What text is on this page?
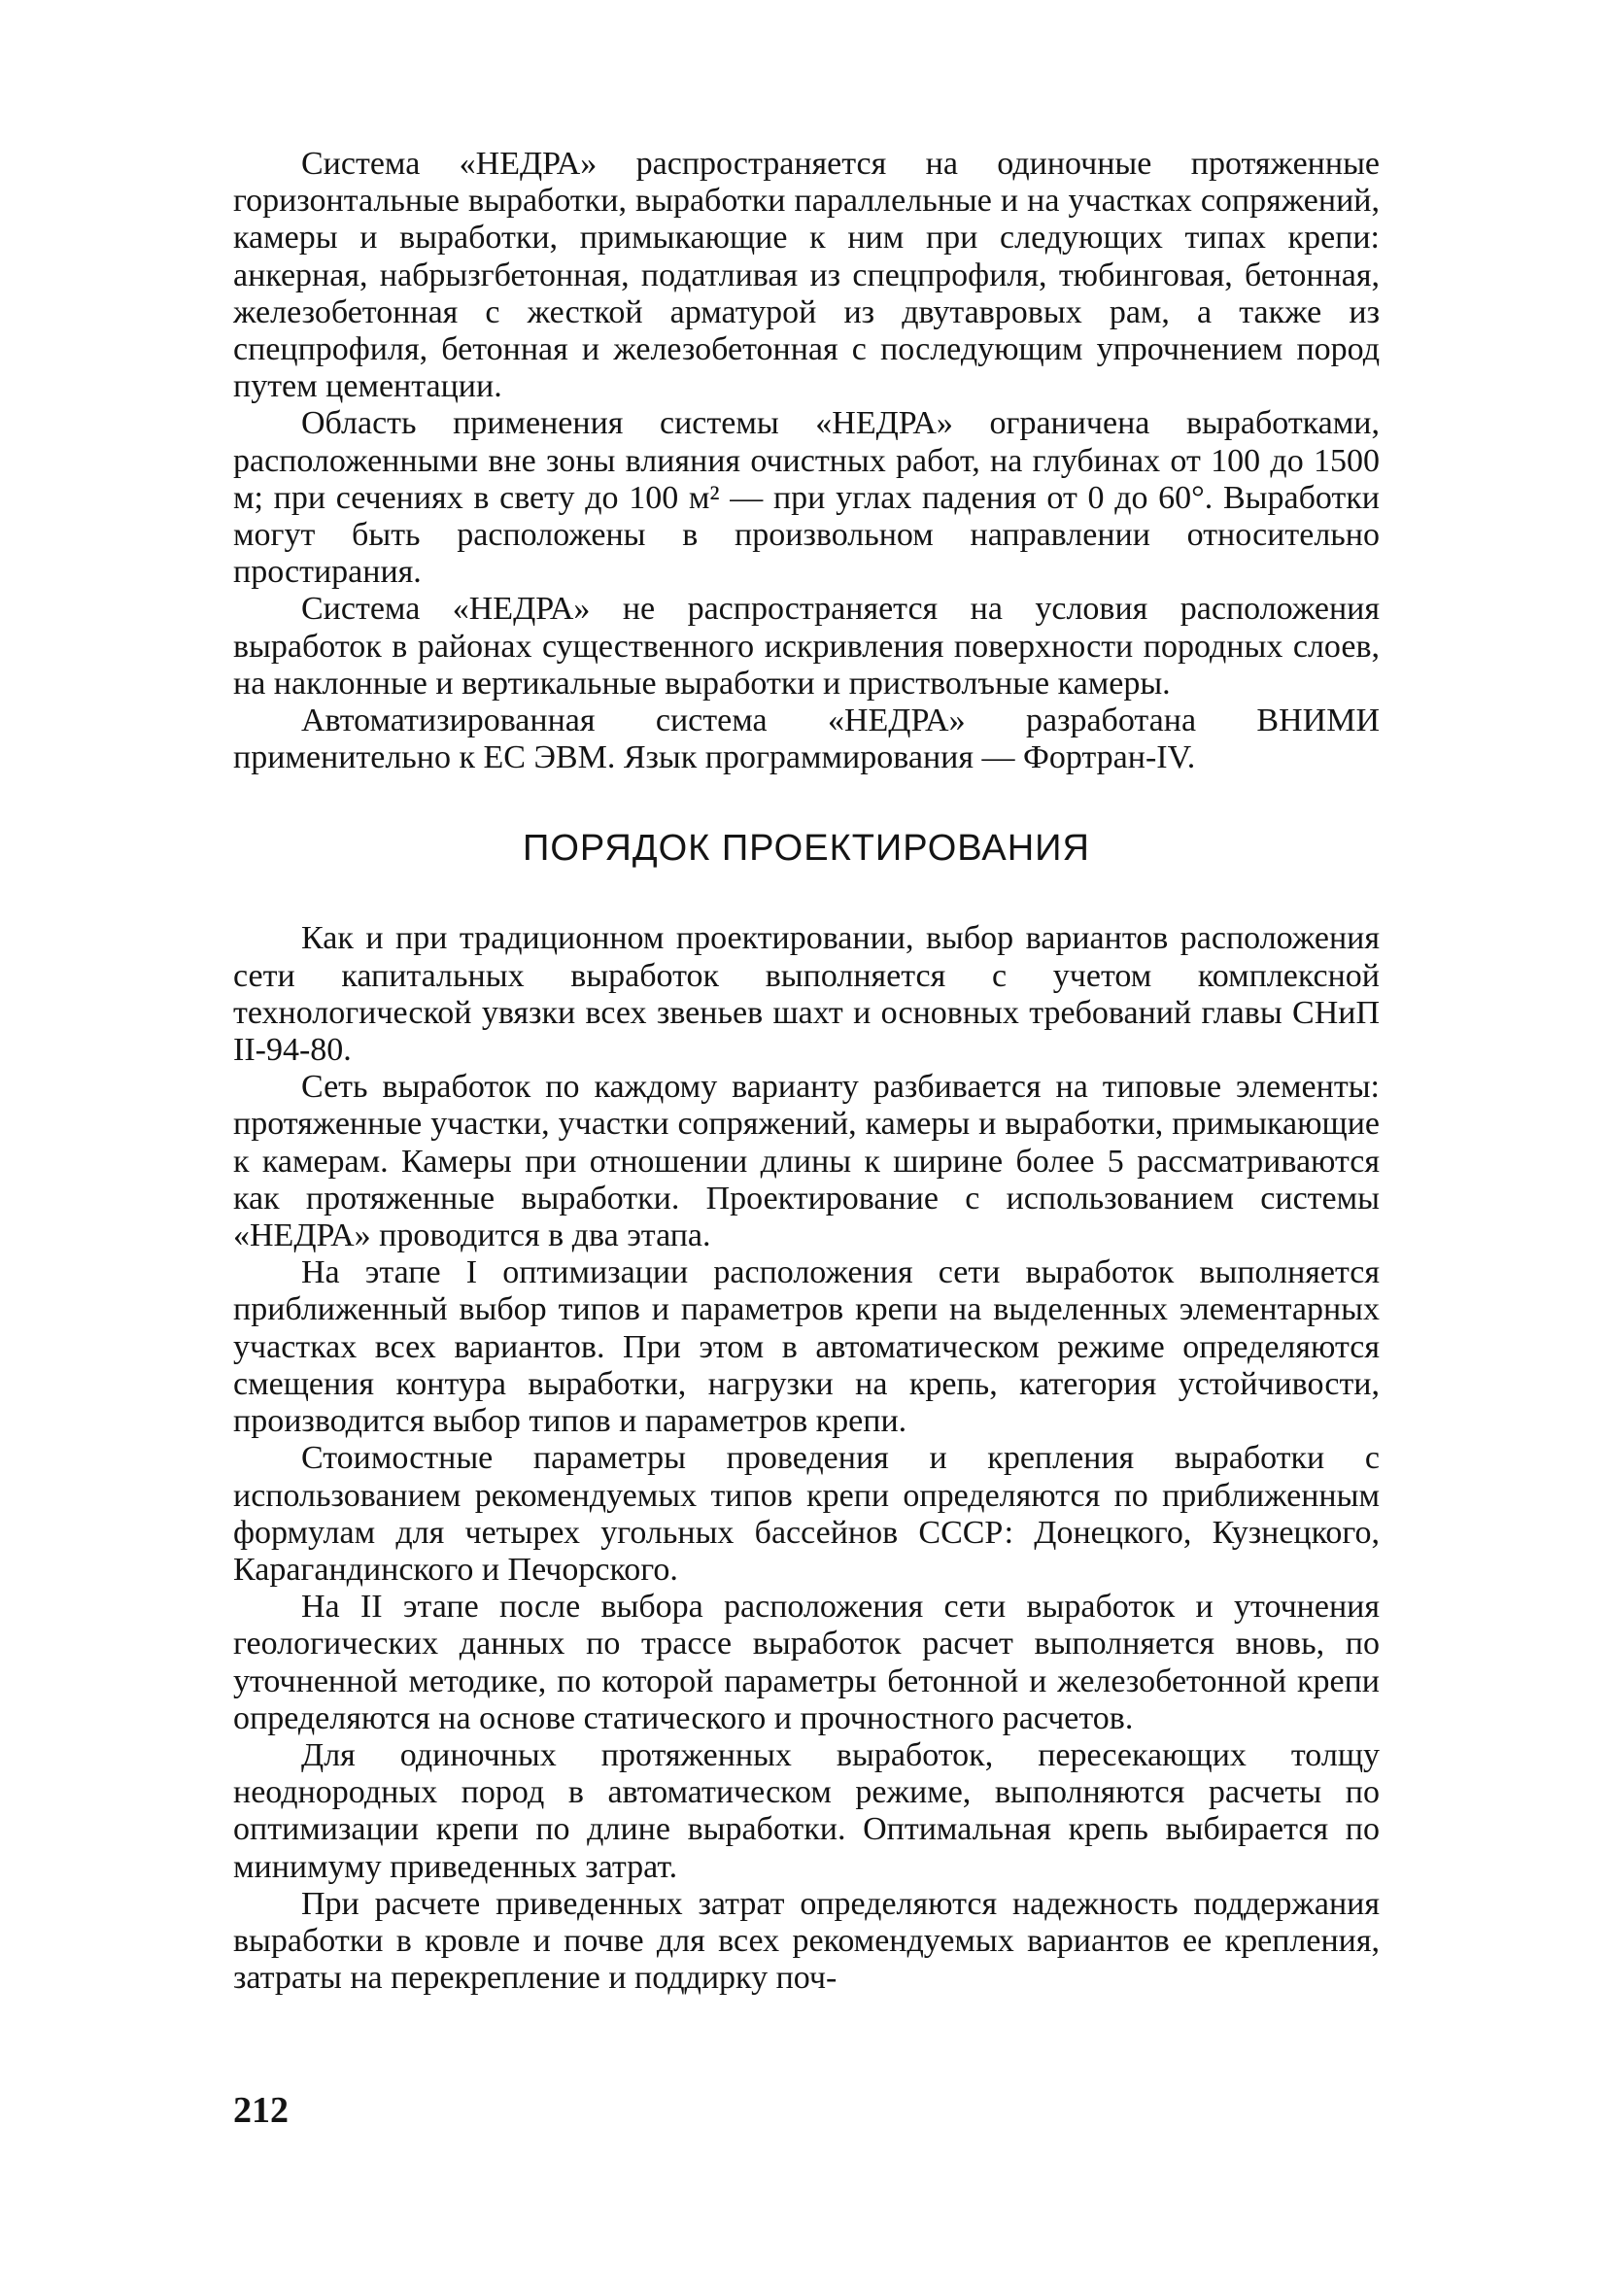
Система «НЕДРА» распространяется на одиночные протяженные горизонтальные выработки, выработки параллельные и на участках сопряжений, камеры и выработки, примыкающие к ним при следующих типах крепи: анкерная, набрызгбетонная, податливая из спецпрофиля, тюбинговая, бетонная, железобетонная с жесткой арматурой из двутавровых рам, а также из спецпрофиля, бетонная и железобетонная с последующим упрочнением пород путем цементации.

Область применения системы «НЕДРА» ограничена выработками, расположенными вне зоны влияния очистных работ, на глубинах от 100 до 1500 м; при сечениях в свету до 100 м² — при углах падения от 0 до 60°. Выработки могут быть расположены в произвольном направлении относительно простирания.

Система «НЕДРА» не распространяется на условия расположения выработок в районах существенного искривления поверхности породных слоев, на наклонные и вертикальные выработки и пристволъные камеры.

Автоматизированная система «НЕДРА» разработана ВНИМИ применительно к ЕС ЭВМ. Язык программирования — Фортран-IV.

ПОРЯДОК ПРОЕКТИРОВАНИЯ

Как и при традиционном проектировании, выбор вариантов расположения сети капитальных выработок выполняется с учетом комплексной технологической увязки всех звеньев шахт и основных требований главы СНиП II-94-80.

Сеть выработок по каждому варианту разбивается на типовые элементы: протяженные участки, участки сопряжений, камеры и выработки, примыкающие к камерам. Камеры при отношении длины к ширине более 5 рассматриваются как протяженные выработки. Проектирование с использованием системы «НЕДРА» проводится в два этапа.

На этапе I оптимизации расположения сети выработок выполняется приближенный выбор типов и параметров крепи на выделенных элементарных участках всех вариантов. При этом в автоматическом режиме определяются смещения контура выработки, нагрузки на крепь, категория устойчивости, производится выбор типов и параметров крепи.

Стоимостные параметры проведения и крепления выработки с использованием рекомендуемых типов крепи определяются по приближенным формулам для четырех угольных бассейнов СССР: Донецкого, Кузнецкого, Карагандинского и Печорского.

На II этапе после выбора расположения сети выработок и уточнения геологических данных по трассе выработок расчет выполняется вновь, по уточненной методике, по которой параметры бетонной и железобетонной крепи определяются на основе статического и прочностного расчетов.

Для одиночных протяженных выработок, пересекающих толщу неоднородных пород в автоматическом режиме, выполняются расчеты по оптимизации крепи по длине выработки. Оптимальная крепь выбирается по минимуму приведенных затрат.

При расчете приведенных затрат определяются надежность поддержания выработки в кровле и почве для всех рекомендуемых вариантов ее крепления, затраты на перекрепление и поддирку поч-

212
